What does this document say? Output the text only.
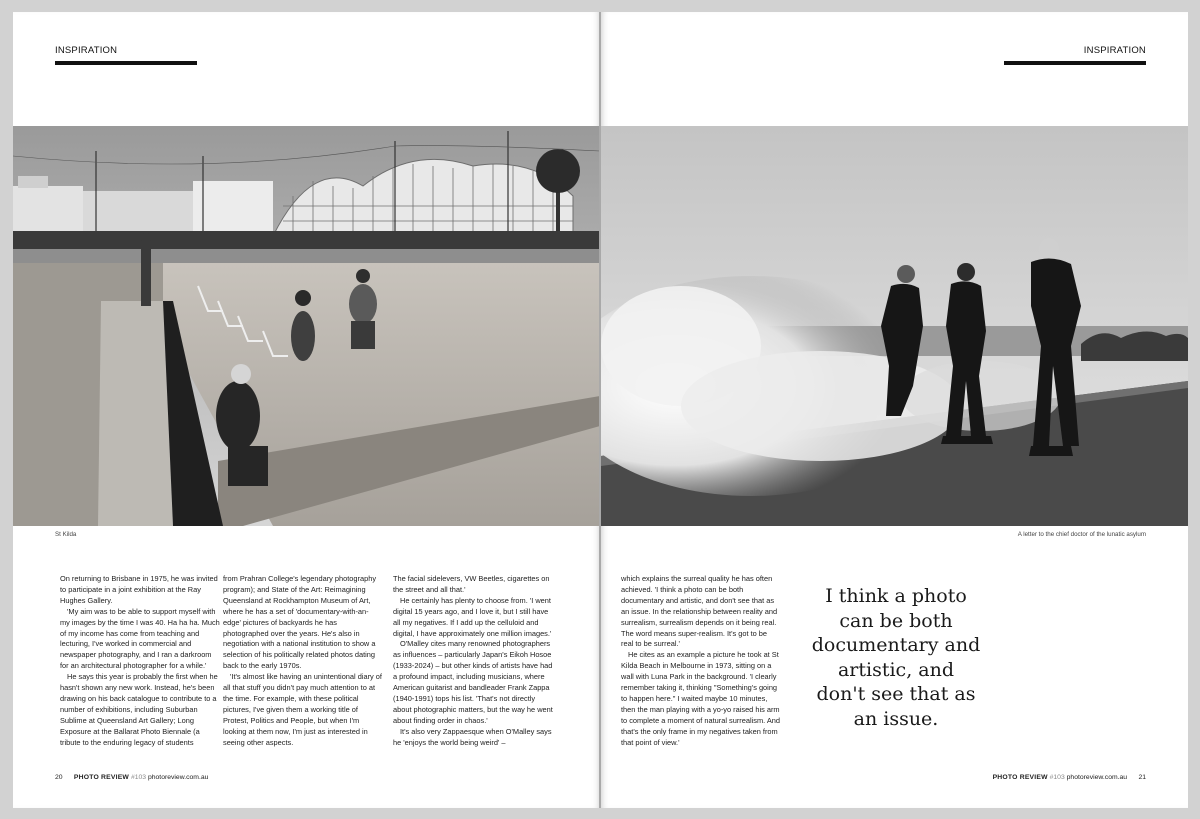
INSPIRATION
St Kilda

On returning to Brisbane in 1975, he was invited to participate in a joint exhibition at the Ray Hughes Gallery.

'My aim was to be able to support myself with my images by the time I was 40. Ha ha ha. Much of my income has come from teaching and lecturing, I've worked in commercial and newspaper photography, and I ran a darkroom for an architectural photographer for a while.'

He says this year is probably the first when he hasn't shown any new work. Instead, he's been drawing on his back catalogue to contribute to a number of exhibitions, including Suburban Sublime at Queensland Art Gallery; Long Exposure at the Ballarat Photo Biennale (a tribute to the enduring legacy of students

from Prahran College's legendary photography program); and State of the Art: Reimagining Queensland at Rockhampton Museum of Art, where he has a set of 'documentary-with-an-edge' pictures of backyards he has photographed over the years. He's also in negotiation with a national institution to show a selection of his politically related photos dating back to the early 1970s.

'It's almost like having an unintentional diary of all that stuff you didn't pay much attention to at the time. For example, with these political pictures, I've given them a working title of Protest, Politics and People, but when I'm looking at them now, I'm just as interested in seeing other aspects.

The facial sidelevers, VW Beetles, cigarettes on the street and all that.'

He certainly has plenty to choose from. 'I went digital 15 years ago, and I love it, but I still have all my negatives. If I add up the celluloid and digital, I have approximately one million images.'

O'Malley cites many renowned photographers as influences – particularly Japan's Eikoh Hosoe (1933-2024) – but other kinds of artists have had a profound impact, including musicians, where American guitarist and bandleader Frank Zappa (1940-1991) tops his list. 'That's not directly about photographic matters, but the way he went about finding order in chaos.'

It's also very Zappaesque when O'Malley says he 'enjoys the world being weird' –

20 PHOTO REVIEW #103 photoreview.com.au
INSPIRATION
A letter to the chief doctor of the lunatic asylum

which explains the surreal quality he has often achieved. 'I think a photo can be both documentary and artistic, and don't see that as an issue. In the relationship between reality and surrealism, surrealism depends on it being real. The word means super-realism. It's got to be real to be surreal.'

He cites as an example a picture he took at St Kilda Beach in Melbourne in 1973, sitting on a wall with Luna Park in the background. 'I clearly remember taking it, thinking "Something's going to happen here." I waited maybe 10 minutes, then the man playing with a yo-yo raised his arm to complete a moment of natural surrealism. And that's the only frame in my negatives taken from that point of view.'

I think a photo can be both documentary and artistic, and don't see that as an issue.
PHOTO REVIEW #103 photoreview.com.au 21
